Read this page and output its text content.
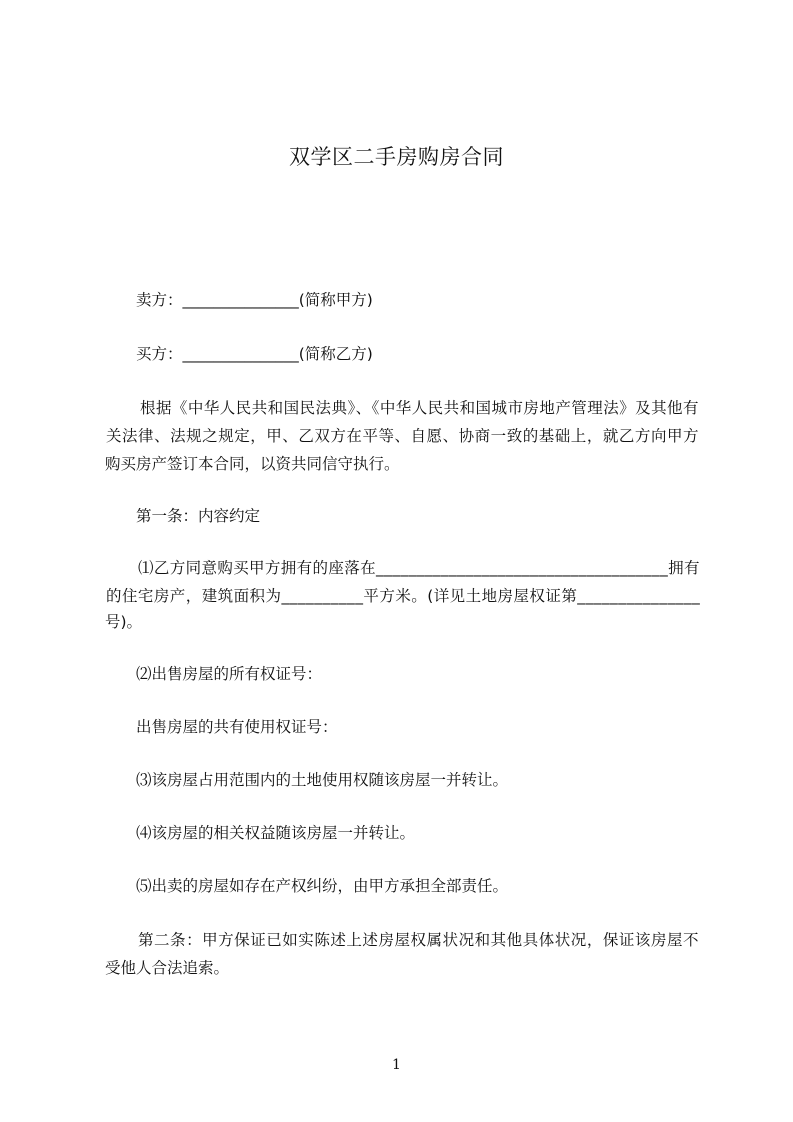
双学区二手房购房合同
卖方：_______________(简称甲方)
买方：_______________(简称乙方)
根据《中华人民共和国民法典》、《中华人民共和国城市房地产管理法》及其他有
关法律、法规之规定，甲、乙双方在平等、自愿、协商一致的基础上，就乙方向甲方
购买房产签订本合同，以资共同信守执行。
第一条：内容约定
⑴乙方同意购买甲方拥有的座落在____________________________________拥有
的住宅房产，建筑面积为__________平方米。(详见土地房屋权证第_______________
号)。
⑵出售房屋的所有权证号：
出售房屋的共有使用权证号：
⑶该房屋占用范围内的土地使用权随该房屋一并转让。
⑷该房屋的相关权益随该房屋一并转让。
⑸出卖的房屋如存在产权纠纷，由甲方承担全部责任。
第二条：甲方保证已如实陈述上述房屋权属状况和其他具体状况，保证该房屋不
受他人合法追索。
1
